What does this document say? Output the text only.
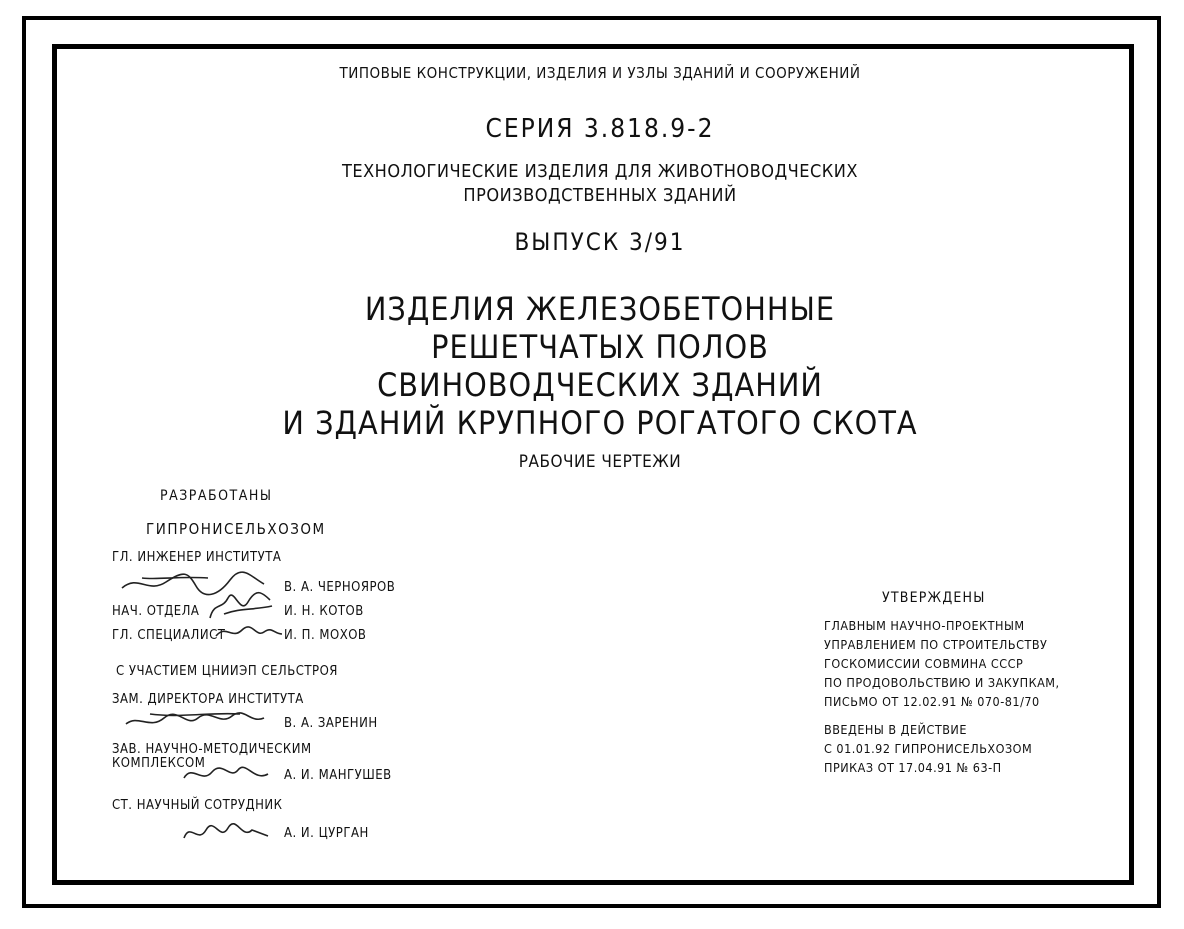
ТИПОВЫЕ КОНСТРУКЦИИ, ИЗДЕЛИЯ И УЗЛЫ ЗДАНИЙ И СООРУЖЕНИЙ
СЕРИЯ 3.818.9-2
ТЕХНОЛОГИЧЕСКИЕ ИЗДЕЛИЯ ДЛЯ ЖИВОТНОВОДЧЕСКИХ
ПРОИЗВОДСТВЕННЫХ ЗДАНИЙ
ВЫПУСК 3/91
ИЗДЕЛИЯ ЖЕЛЕЗОБЕТОННЫЕ
РЕШЕТЧАТЫХ ПОЛОВ
СВИНОВОДЧЕСКИХ ЗДАНИЙ
И ЗДАНИЙ КРУПНОГО РОГАТОГО СКОТА
РАБОЧИЕ ЧЕРТЕЖИ
РАЗРАБОТАНЫ
ГИПРОНИСЕЛЬХОЗОМ
ГЛ. ИНЖЕНЕР ИНСТИТУТА
В. А. ЧЕРНОЯРOВ
НАЧ. ОТДЕЛА	И. Н. КОТОВ
ГЛ. СПЕЦИАЛИСТ	И. П. МОХОВ
С УЧАСТИЕМ ЦНИИЭП СЕЛЬСТРОЯ
ЗАМ. ДИРЕКТОРА ИНСТИТУТА
В. А. ЗАРЕНИН
ЗАВ. НАУЧНО-МЕТОДИЧЕСКИМ
КОМПЛЕКСОМ
А. И. МАНГУШЕВ
СТ. НАУЧНЫЙ СОТРУДНИК
А. И. ЦУРГАН
УТВЕРЖДЕНЫ
ГЛАВНЫМ НАУЧНО-ПРОЕКТНЫМ
УПРАВЛЕНИЕМ ПО СТРОИТЕЛЬСТВУ
ГОСКОМИССИИ СОВМИНА СССР
ПО ПРОДОВОЛЬСТВИЮ И ЗАКУПКАМ,
ПИСЬМО ОТ 12.02.91 № 070-81/70
ВВЕДЕНЫ В ДЕЙСТВИЕ
С 01.01.92 ГИПРОНИСЕЛЬХОЗОМ
ПРИКАЗ ОТ 17.04.91 № 63-П
